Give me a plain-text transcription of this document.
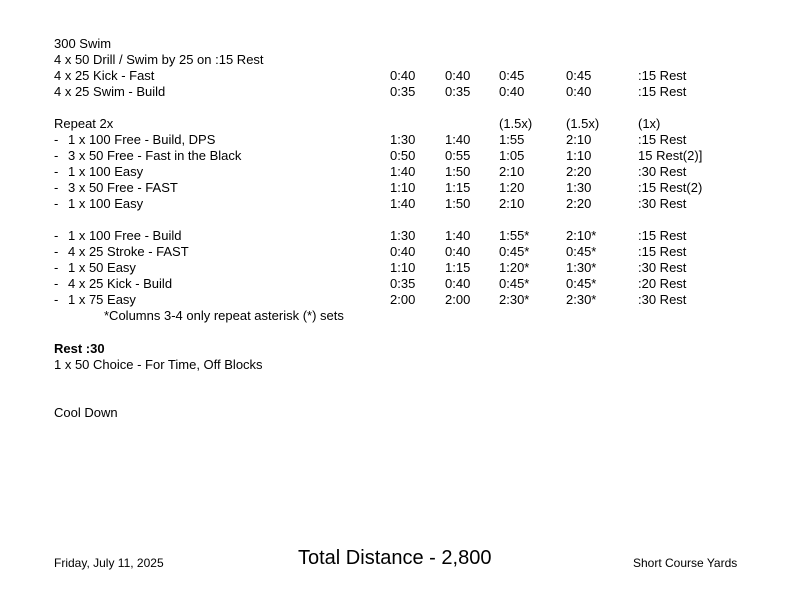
300 Swim
4 x 50 Drill / Swim by 25 on :15 Rest
4 x 25 Kick - Fast	0:40 0:40 0:45	0:45	:15 Rest
4 x 25 Swim - Build	0:35 0:35 0:40	0:40	:15 Rest
Repeat 2x	(1.5x)	(1.5x)	(1x)
- 1 x 100 Free - Build, DPS	1:30 1:40 1:55	2:10	:15 Rest
- 3 x 50 Free - Fast in the Black	0:50 0:55 1:05	1:10	15 Rest(2)]
- 1 x 100 Easy	1:40 1:50 2:10	2:20	:30 Rest
- 3 x 50 Free - FAST	1:10 1:15 1:20	1:30	:15 Rest(2)
- 1 x 100 Easy	1:40 1:50 2:10	2:20	:30 Rest
- 1 x 100 Free - Build	1:30 1:40 1:55*	2:10*	:15 Rest
- 4 x 25 Stroke - FAST	0:40 0:40 0:45*	0:45*	:15 Rest
- 1 x 50 Easy	1:10 1:15 1:20*	1:30*	:30 Rest
- 4 x 25 Kick - Build	0:35 0:40 0:45*	0:45*	:20 Rest
- 1 x 75 Easy	2:00 2:00 2:30*	2:30*	:30 Rest
*Columns 3-4 only repeat asterisk (*) sets
Rest :30
1 x 50 Choice - For Time, Off Blocks
Cool Down
Friday, July 11, 2025	Total Distance - 2,800	Short Course Yards
